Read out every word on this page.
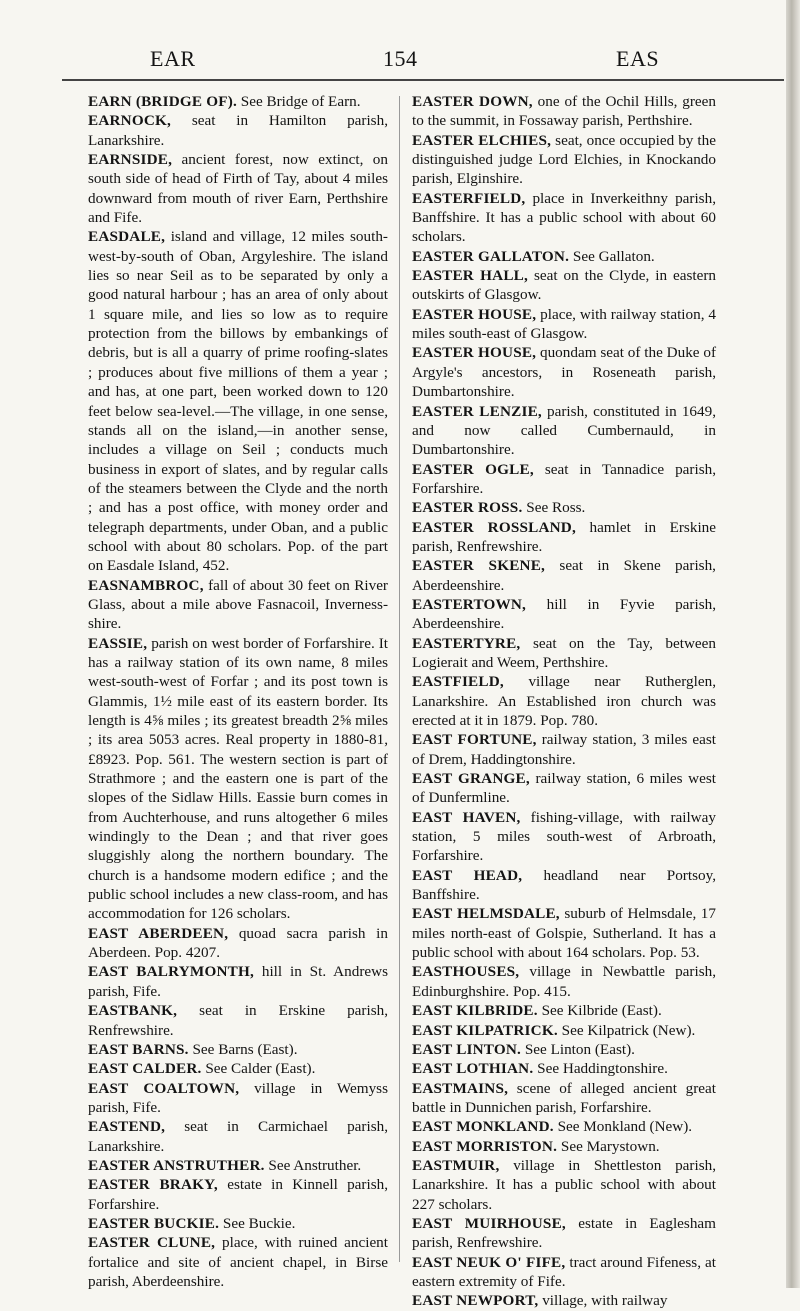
EAR	154	EAS

EARN (BRIDGE OF). See Bridge of Earn.

EARNOCK, seat in Hamilton parish, Lanarkshire.

EARNSIDE, ancient forest, now extinct, on south side of head of Firth of Tay, about 4 miles downward from mouth of river Earn, Perthshire and Fife.

EASDALE, island and village, 12 miles south-west-by-south of Oban, Argyleshire. The island lies so near Seil as to be separated by only a good natural harbour ; has an area of only about 1 square mile, and lies so low as to require protection from the billows by embankings of debris, but is all a quarry of prime roofing-slates ; produces about five millions of them a year ; and has, at one part, been worked down to 120 feet below sea-level.—The village, in one sense, stands all on the island,—in another sense, includes a village on Seil ; conducts much business in export of slates, and by regular calls of the steamers between the Clyde and the north ; and has a post office, with money order and telegraph departments, under Oban, and a public school with about 80 scholars. Pop. of the part on Easdale Island, 452.

EASNAMBROC, fall of about 30 feet on River Glass, about a mile above Fasnacoil, Inverness-shire.

EASSIE, parish on west border of Forfarshire. It has a railway station of its own name, 8 miles west-south-west of Forfar ; and its post town is Glammis, 1½ mile east of its eastern border. Its length is 4⅝ miles ; its greatest breadth 2⅝ miles ; its area 5053 acres. Real property in 1880-81, £8923. Pop. 561. The western section is part of Strathmore ; and the eastern one is part of the slopes of the Sidlaw Hills. Eassie burn comes in from Auchterhouse, and runs altogether 6 miles windingly to the Dean ; and that river goes sluggishly along the northern boundary. The church is a handsome modern edifice ; and the public school includes a new class-room, and has accommodation for 126 scholars.

EAST ABERDEEN, quoad sacra parish in Aberdeen. Pop. 4207.

EAST BALRYMONTH, hill in St. Andrews parish, Fife.

EASTBANK, seat in Erskine parish, Renfrewshire.

EAST BARNS. See Barns (East).

EAST CALDER. See Calder (East).

EAST COALTOWN, village in Wemyss parish, Fife.

EASTEND, seat in Carmichael parish, Lanarkshire.

EASTER ANSTRUTHER. See Anstruther.

EASTER BRAKY, estate in Kinnell parish, Forfarshire.

EASTER BUCKIE. See Buckie.

EASTER CLUNE, place, with ruined ancient fortalice and site of ancient chapel, in Birse parish, Aberdeenshire.

EASTER DOWN, one of the Ochil Hills, green to the summit, in Fossaway parish, Perthshire.

EASTER ELCHIES, seat, once occupied by the distinguished judge Lord Elchies, in Knockando parish, Elginshire.

EASTERFIELD, place in Inverkeithny parish, Banffshire. It has a public school with about 60 scholars.

EASTER GALLATON. See Gallaton.

EASTER HALL, seat on the Clyde, in eastern outskirts of Glasgow.

EASTER HOUSE, place, with railway station, 4 miles south-east of Glasgow.

EASTER HOUSE, quondam seat of the Duke of Argyle's ancestors, in Roseneath parish, Dumbartonshire.

EASTER LENZIE, parish, constituted in 1649, and now called Cumbernauld, in Dumbartonshire.

EASTER OGLE, seat in Tannadice parish, Forfarshire.

EASTER ROSS. See Ross.

EASTER ROSSLAND, hamlet in Erskine parish, Renfrewshire.

EASTER SKENE, seat in Skene parish, Aberdeenshire.

EASTERTOWN, hill in Fyvie parish, Aberdeenshire.

EASTERTYRE, seat on the Tay, between Logierait and Weem, Perthshire.

EASTFIELD, village near Rutherglen, Lanarkshire. An Established iron church was erected at it in 1879. Pop. 780.

EAST FORTUNE, railway station, 3 miles east of Drem, Haddingtonshire.

EAST GRANGE, railway station, 6 miles west of Dunfermline.

EAST HAVEN, fishing-village, with railway station, 5 miles south-west of Arbroath, Forfarshire.

EAST HEAD, headland near Portsoy, Banffshire.

EAST HELMSDALE, suburb of Helmsdale, 17 miles north-east of Golspie, Sutherland. It has a public school with about 164 scholars. Pop. 53.

EASTHOUSES, village in Newbattle parish, Edinburghshire. Pop. 415.

EAST KILBRIDE. See Kilbride (East).

EAST KILPATRICK. See Kilpatrick (New).

EAST LINTON. See Linton (East).

EAST LOTHIAN. See Haddingtonshire.

EASTMAINS, scene of alleged ancient great battle in Dunnichen parish, Forfarshire.

EAST MONKLAND. See Monkland (New).

EAST MORRISTON. See Marystown.

EASTMUIR, village in Shettleston parish, Lanarkshire. It has a public school with about 227 scholars.

EAST MUIRHOUSE, estate in Eaglesham parish, Renfrewshire.

EAST NEUK O' FIFE, tract around Fifeness, at eastern extremity of Fife.

EAST NEWPORT, village, with railway
